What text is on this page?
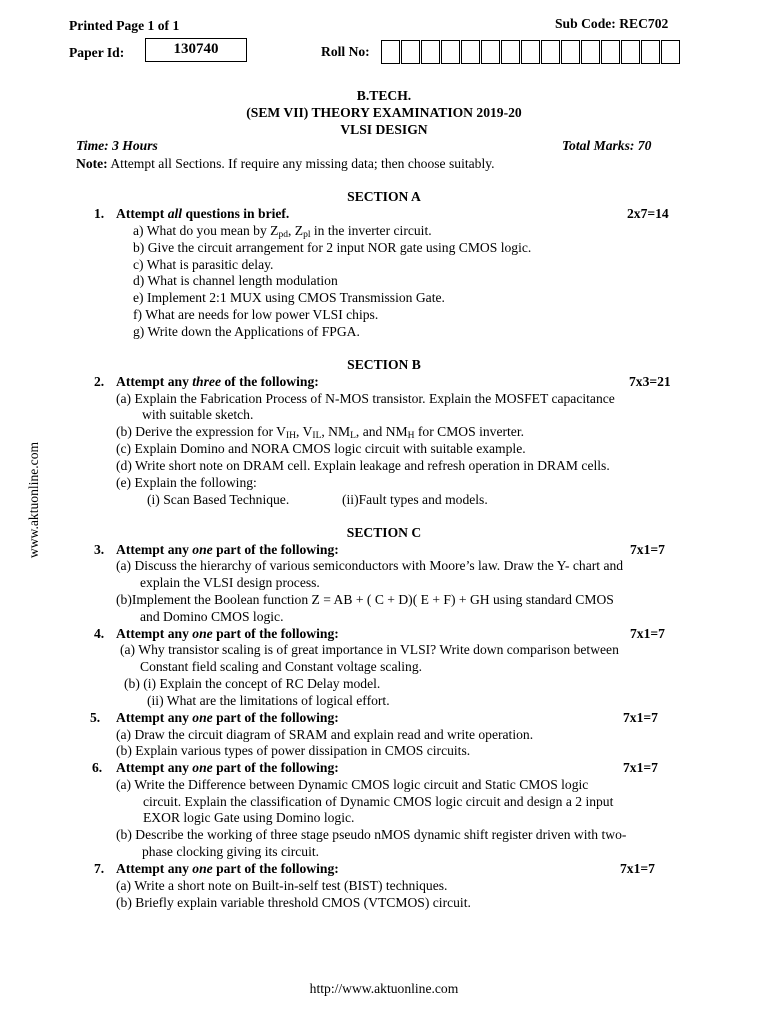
Printed Page 1 of 1	Sub Code: REC702
Paper Id:	130740	Roll No:
www.aktuonline.com
B.TECH.
(SEM VII) THEORY EXAMINATION 2019-20
VLSI DESIGN
Time: 3 Hours	Total Marks: 70
Note: Attempt all Sections. If require any missing data; then choose suitably.
SECTION A
1. Attempt all questions in brief.	2x7=14
a) What do you mean by $Z_{pd}$, $Z_{pl}$ in the inverter circuit.
b) Give the circuit arrangement for 2 input NOR gate using CMOS logic.
c) What is parasitic delay.
d) What is channel length modulation
e) Implement 2:1 MUX using CMOS Transmission Gate.
f) What are needs for low power VLSI chips.
g) Write down the Applications of FPGA.
SECTION B
2. Attempt any three of the following:	7x3=21
(a) Explain the Fabrication Process of N-MOS transistor. Explain the MOSFET capacitance
with suitable sketch.
(b) Derive the expression for $V_{IH}$, $V_{IL}$, $NM_L$, and $NM_H$ for CMOS inverter.
(c) Explain Domino and NORA CMOS logic circuit with suitable example.
(d) Write short note on DRAM cell. Explain leakage and refresh operation in DRAM cells.
(e) Explain the following:
(i) Scan Based Technique.	(ii)Fault types and models.
SECTION C
3. Attempt any one part of the following:	7x1=7
(a) Discuss the hierarchy of various semiconductors with Moore’s law. Draw the Y- chart and
explain the VLSI design process.
(b)Implement the Boolean function Z = AB + ( C + D)( E + F) + GH using standard CMOS
and Domino CMOS logic.
4. Attempt any one part of the following:	7x1=7
(a) Why transistor scaling is of great importance in VLSI? Write down comparison between
Constant field scaling and Constant voltage scaling.
(b) (i) Explain the concept of RC Delay model.
(ii) What are the limitations of logical effort.
5. Attempt any one part of the following:	7x1=7
(a) Draw the circuit diagram of SRAM and explain read and write operation.
(b) Explain various types of power dissipation in CMOS circuits.
6. Attempt any one part of the following:	7x1=7
(a) Write the Difference between Dynamic CMOS logic circuit and Static CMOS logic
circuit. Explain the classification of Dynamic CMOS logic circuit and design a 2 input
EXOR logic Gate using Domino logic.
(b) Describe the working of three stage pseudo nMOS dynamic shift register driven with two-
phase clocking giving its circuit.
7. Attempt any one part of the following:	7x1=7
(a) Write a short note on Built-in-self test (BIST) techniques.
(b) Briefly explain variable threshold CMOS (VTCMOS) circuit.
http://www.aktuonline.com
